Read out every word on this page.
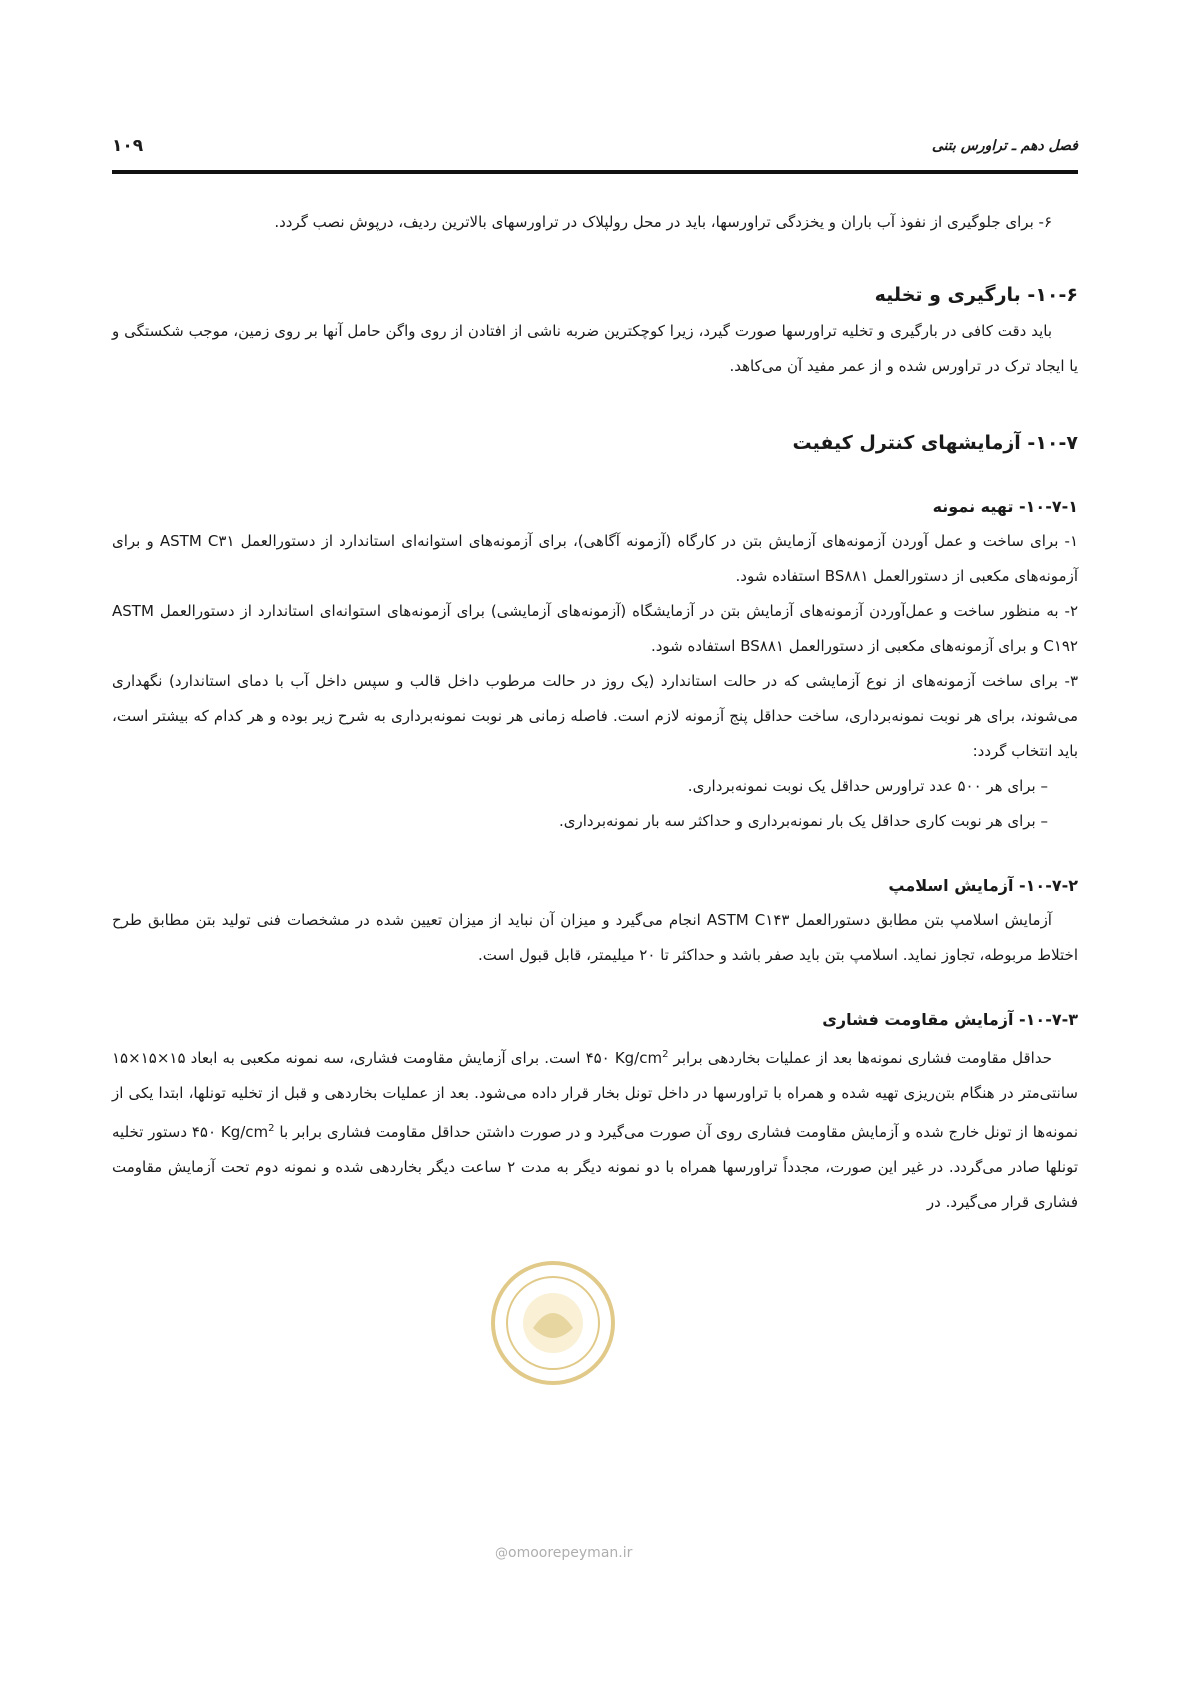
فصل دهم ـ تراورس بتنی
۱۰۹

۶- برای جلوگیری از نفوذ آب باران و یخزدگی تراورسها، باید در محل رولپلاک در تراورسهای بالاترین ردیف، درپوش نصب گردد.

۱۰-۶- بارگیری و تخلیه

باید دقت کافی در بارگیری و تخلیه تراورسها صورت گیرد، زیرا کوچکترین ضربه ناشی از افتادن از روی واگن حامل آنها بر روی زمین، موجب شکستگی و یا ایجاد ترک در تراورس شده و از عمر مفید آن می‌کاهد.

۱۰-۷- آزمایشهای کنترل کیفیت
۱۰-۷-۱- تهیه نمونه

۱- برای ساخت و عمل آوردن آزمونه‌های آزمایش بتن در کارگاه (آزمونه آگاهی)، برای آزمونه‌های استوانه‌ای استاندارد از دستورالعمل ASTM C۳۱ و برای آزمونه‌های مکعبی از دستورالعمل BS۸۸۱ استفاده شود.

۲- به منظور ساخت و عمل‌آوردن آزمونه‌های آزمایش بتن در آزمایشگاه (آزمونه‌های آزمایشی) برای آزمونه‌های استوانه‌ای استاندارد از دستورالعمل ASTM C۱۹۲ و برای آزمونه‌های مکعبی از دستورالعمل BS۸۸۱ استفاده شود.

۳- برای ساخت آزمونه‌های از نوع آزمایشی که در حالت استاندارد (یک روز در حالت مرطوب داخل قالب و سپس داخل آب با دمای استاندارد) نگهداری می‌شوند، برای هر نوبت نمونه‌برداری، ساخت حداقل پنج آزمونه لازم است. فاصله زمانی هر نوبت نمونه‌برداری به شرح زیر بوده و هر کدام که بیشتر است، باید انتخاب گردد:

– برای هر ۵۰۰ عدد تراورس حداقل یک نوبت نمونه‌برداری.

– برای هر نوبت کاری حداقل یک بار نمونه‌برداری و حداکثر سه بار نمونه‌برداری.

۱۰-۷-۲- آزمایش اسلامپ

آزمایش اسلامپ بتن مطابق دستورالعمل ASTM C۱۴۳ انجام می‌گیرد و میزان آن نباید از میزان تعیین شده در مشخصات فنی تولید بتن مطابق طرح اختلاط مربوطه، تجاوز نماید. اسلامپ بتن باید صفر باشد و حداکثر تا ۲۰ میلیمتر، قابل قبول است.

۱۰-۷-۳- آزمایش مقاومت فشاری

حداقل مقاومت فشاری نمونه‌ها بعد از عملیات بخاردهی برابر ۴۵۰ $Kg/cm^2$ است. برای آزمایش مقاومت فشاری، سه نمونه مکعبی به ابعاد ۱۵×۱۵×۱۵ سانتی‌متر در هنگام بتن‌ریزی تهیه شده و همراه با تراورسها در داخل تونل بخار قرار داده می‌شود. بعد از عملیات بخاردهی و قبل از تخلیه تونلها، ابتدا یکی از نمونه‌ها از تونل خارج شده و آزمایش مقاومت فشاری روی آن صورت می‌گیرد و در صورت داشتن حداقل مقاومت فشاری برابر با ۴۵۰ $Kg/cm^2$ دستور تخلیه تونلها صادر می‌گردد. در غیر این صورت، مجدداً تراورسها همراه با دو نمونه دیگر به مدت ۲ ساعت دیگر بخاردهی شده و نمونه دوم تحت آزمایش مقاومت فشاری قرار می‌گیرد. در

@omoorepeyman.ir
